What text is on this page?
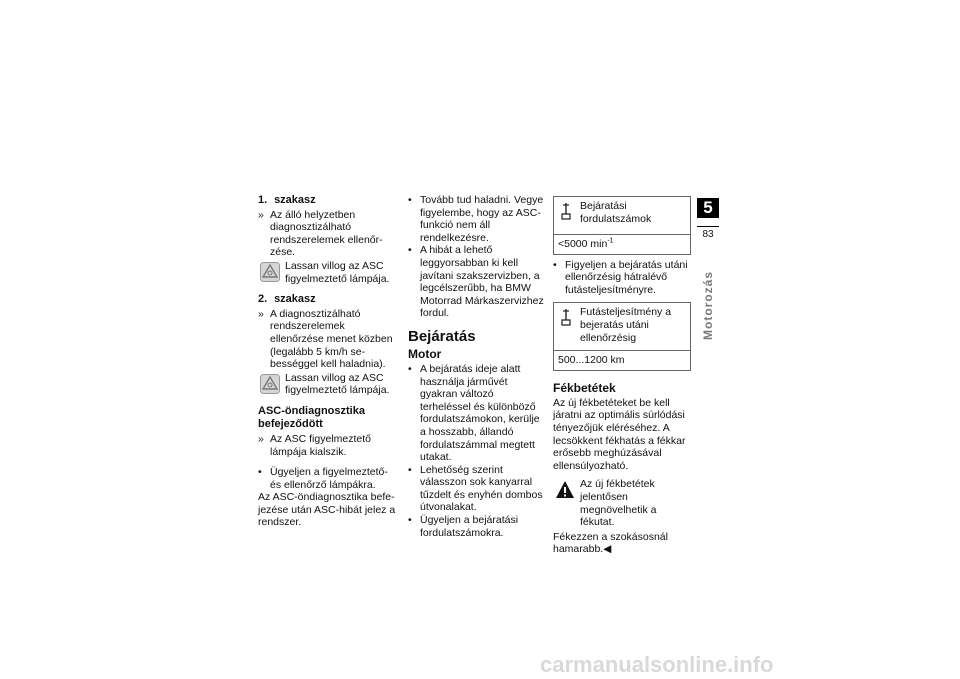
1. szakasz
» Az álló helyzetben diagnosztizálható rendszerelemek ellenőrzése.
Lassan villog az ASC figyelmeztető lámpája.
2. szakasz
» A diagnosztizálható rendszerelemek ellenőrzése menet közben (legalább 5 km/h sebességgel kell haladnia).
Lassan villog az ASC figyelmeztető lámpája.
ASC-öndiagnosztika befejeződött
» Az ASC figyelmeztető lámpája kialszik.
• Ügyeljen a figyelmeztető- és ellenőrző lámpákra.
Az ASC-öndiagnosztika befejezése után ASC-hibát jelez a rendszer.
• Tovább tud haladni. Vegye figyelembe, hogy az ASC-funkció nem áll rendelkezésre.
• A hibát a lehető leggyorsabban ki kell javítani szakszervizben, a legcélszerűbb, ha BMW Motorrad Márkaszervizhez fordul.
Bejáratás
Motor
• A bejáratás ideje alatt használja járművét gyakran változó terheléssel és különböző fordulatszámokon, kerülje a hosszabb, állandó fordulatszámmal megtett utakat.
• Lehetőség szerint válasszon sok kanyarral tűzdelt és enyhén dombos útvonalakat.
• Ügyeljen a bejáratási fordulatszámokra.
Bejáratási fordulatszámok
<5000 $\min^{-1}$
• Figyeljen a bejáratás utáni ellenőrzésig hátralévő futásteljesítményre.
Futásteljesítmény a bejeratás utáni ellenőrzésig
500...1200 km
Fékbetétek
Az új fékbetéteket be kell járatni az optimális súrlódási tényezőjük eléréséhez. A lecsökkent fékhatás a fékkar erősebb meghúzásával ellensúlyozható.
Az új fékbetétek jelentősen megnövelhetik a fékutat.
Fékezzen a szokásosnál hamarabb.◀
5
83
Motorozás
carmanualsonline.info
